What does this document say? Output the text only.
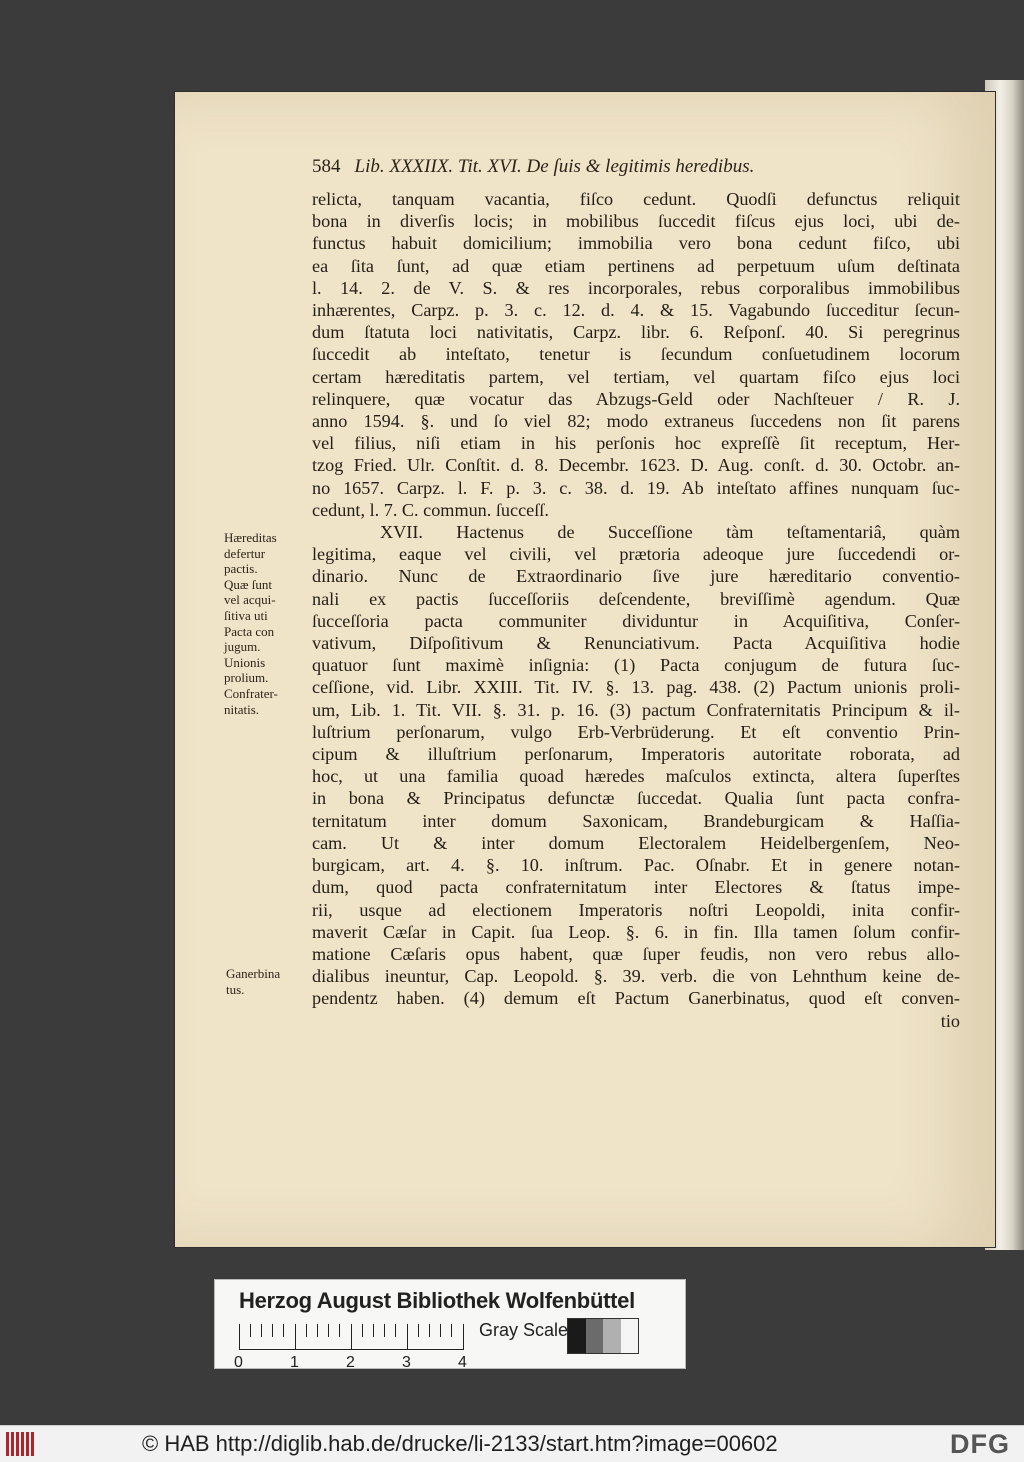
584 Lib. XXXIIX. Tit. XVI. De ſuis & legitimis heredibus.
relicta, tanquam vacantia, fiſco cedunt. Quodſi defunctus reliquit
bona in diverſis locis; in mobilibus ſuccedit fiſcus ejus loci, ubi de-
functus habuit domicilium; immobilia vero bona cedunt fiſco, ubi
ea ſita ſunt, ad quæ etiam pertinens ad perpetuum uſum deſtinata
l. 14. 2. de V. S. & res incorporales, rebus corporalibus immobilibus
inhærentes, Carpz. p. 3. c. 12. d. 4. & 15. Vagabundo ſucceditur ſecun-
dum ſtatuta loci nativitatis, Carpz. libr. 6. Reſponſ. 40. Si peregrinus
ſuccedit ab inteſtato, tenetur is ſecundum conſuetudinem locorum
certam hæreditatis partem, vel tertiam, vel quartam fiſco ejus loci
relinquere, quæ vocatur das Abzugs-Geld oder Nachſteuer / R. J.
anno 1594. §. und ſo viel 82; modo extraneus ſuccedens non ſit parens
vel filius, niſi etiam in his perſonis hoc expreſſè ſit receptum, Her-
tzog Fried. Ulr. Conſtit. d. 8. Decembr. 1623. D. Aug. conſt. d. 30. Octobr. an-
no 1657. Carpz. l. F. p. 3. c. 38. d. 19. Ab inteſtato affines nunquam ſuc-
cedunt, l. 7. C. commun. ſucceſſ.
XVII. Hactenus de Succeſſione tàm teſtamentariâ, quàm
legitima, eaque vel civili, vel prætoria adeoque jure ſuccedendi or-
dinario. Nunc de Extraordinario ſive jure hæreditario conventio-
nali ex pactis ſucceſſoriis deſcendente, breviſſimè agendum. Quæ
ſucceſſoria pacta communiter dividuntur in Acquiſitiva, Conſer-
vativum, Diſpoſitivum & Renunciativum. Pacta Acquiſitiva hodie
quatuor ſunt maximè inſignia: (1) Pacta conjugum de futura ſuc-
ceſſione, vid. Libr. XXIII. Tit. IV. §. 13. pag. 438. (2) Pactum unionis proli-
um, Lib. 1. Tit. VII. §. 31. p. 16. (3) pactum Confraternitatis Principum & il-
luſtrium perſonarum, vulgo Erb-Verbrüderung. Et eſt conventio Prin-
cipum & illuſtrium perſonarum, Imperatoris autoritate roborata, ad
hoc, ut una familia quoad hæredes maſculos extincta, altera ſuperſtes
in bona & Principatus defunctæ ſuccedat. Qualia ſunt pacta confra-
ternitatum inter domum Saxonicam, Brandeburgicam & Haſſia-
cam. Ut & inter domum Electoralem Heidelbergenſem, Neo-
burgicam, art. 4. §. 10. inſtrum. Pac. Oſnabr. Et in genere notan-
dum, quod pacta confraternitatum inter Electores & ſtatus impe-
rii, usque ad electionem Imperatoris noſtri Leopoldi, inita confir-
maverit Cæſar in Capit. ſua Leop. §. 6. in fin. Illa tamen ſolum confir-
matione Cæſaris opus habent, quæ ſuper feudis, non vero rebus allo-
dialibus ineuntur, Cap. Leopold. §. 39. verb. die von Lehnthum keine de-
pendentz haben. (4) demum eſt Pactum Ganerbinatus, quod eſt conven-
tio
Hæreditas
defertur
pactis.
Quæ ſunt
vel acqui-
ſitiva uti
Pacta con
jugum.
Unionis
prolium.
Confrater-
nitatis.
Ganerbina
tus.
Herzog August Bibliothek Wolfenbüttel
0	1	2	3	4
Gray Scale
© HAB http://diglib.hab.de/drucke/li-2133/start.htm?image=00602	DFG
